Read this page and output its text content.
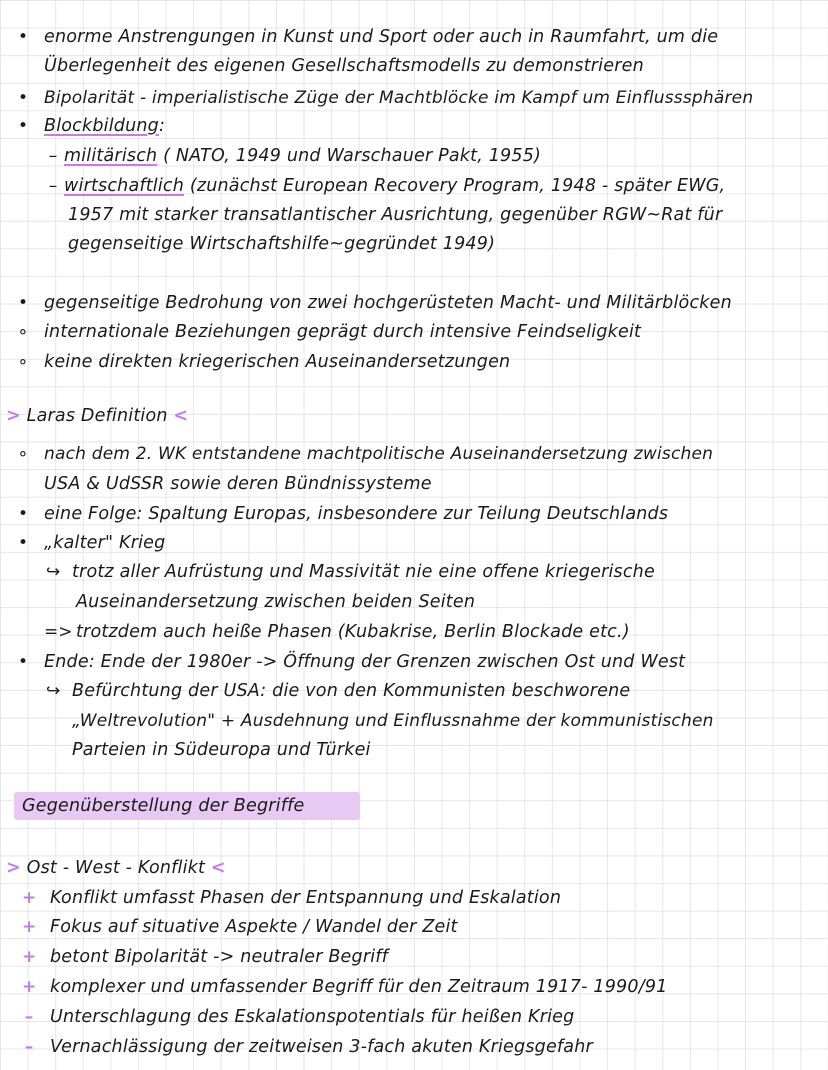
• enorme Anstrengungen in Kunst und Sport oder auch in Raumfahrt, um die
Überlegenheit des eigenen Gesellschaftsmodells zu demonstrieren
• Bipolarität - imperialistische Züge der Machtblöcke im Kampf um Einflusssphären
• Blockbildung:
– militärisch ( NATO, 1949 und Warschauer Pakt, 1955)
– wirtschaftlich (zunächst European Recovery Program, 1948 - später EWG,
1957 mit starker transatlantischer Ausrichtung, gegenüber RGW~Rat für
gegenseitige Wirtschaftshilfe~gegründet 1949)
• gegenseitige Bedrohung von zwei hochgerüsteten Macht- und Militärblöcken
∘ internationale Beziehungen geprägt durch intensive Feindseligkeit
∘ keine direkten kriegerischen Auseinandersetzungen
> Laras Definition <
∘ nach dem 2. WK entstandene machtpolitische Auseinandersetzung zwischen
USA & UdSSR sowie deren Bündnissysteme
• eine Folge: Spaltung Europas, insbesondere zur Teilung Deutschlands
• „kalter" Krieg
↪ trotz aller Aufrüstung und Massivität nie eine offene kriegerische
Auseinandersetzung zwischen beiden Seiten
=> trotzdem auch heiße Phasen (Kubakrise, Berlin Blockade etc.)
• Ende: Ende der 1980er -> Öffnung der Grenzen zwischen Ost und West
↪ Befürchtung der USA: die von den Kommunisten beschworene
„Weltrevolution" + Ausdehnung und Einflussnahme der kommunistischen
Parteien in Südeuropa und Türkei
Gegenüberstellung der Begriffe
> Ost - West - Konflikt <
+ Konflikt umfasst Phasen der Entspannung und Eskalation
+ Fokus auf situative Aspekte / Wandel der Zeit
+ betont Bipolarität -> neutraler Begriff
+ komplexer und umfassender Begriff für den Zeitraum 1917- 1990/91
– Unterschlagung des Eskalationspotentials für heißen Krieg
– Vernachlässigung der zeitweisen 3-fach akuten Kriegsgefahr
